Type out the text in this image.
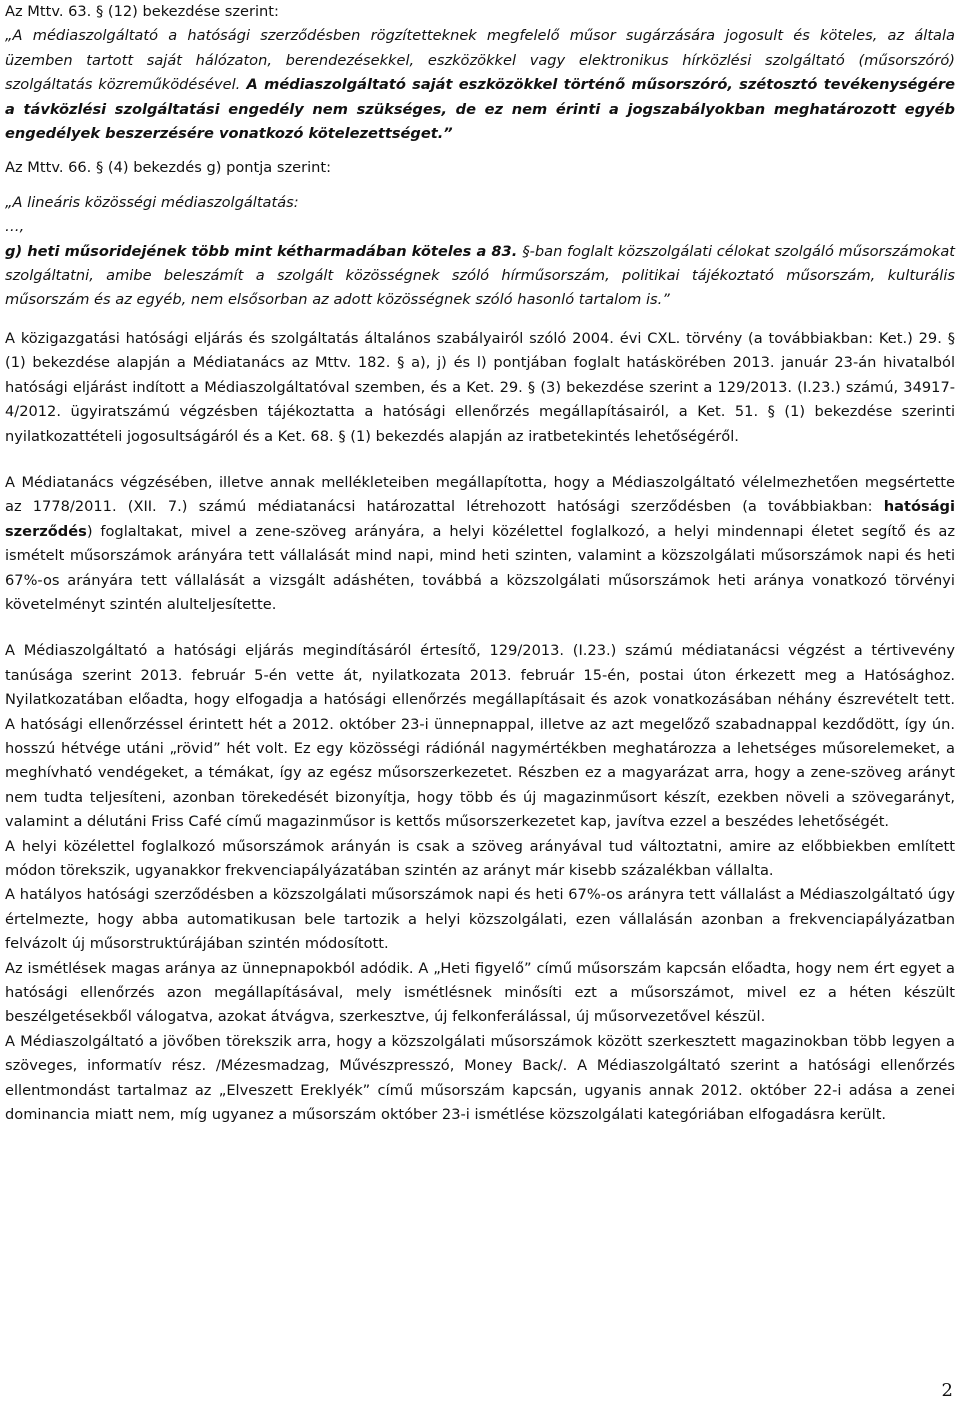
Az Mttv. 63. § (12) bekezdése szerint:

„A médiaszolgáltató a hatósági szerződésben rögzítetteknek megfelelő műsor sugárzására jogosult és köteles, az általa üzemben tartott saját hálózaton, berendezésekkel, eszközökkel vagy elektronikus hírközlési szolgáltató (műsorszóró) szolgáltatás közreműködésével. A médiaszolgáltató saját eszközökkel történő műsorszóró, szétosztó tevékenységére a távközlési szolgáltatási engedély nem szükséges, de ez nem érinti a jogszabályokban meghatározott egyéb engedélyek beszerzésére vonatkozó kötelezettséget.”

Az Mttv. 66. § (4) bekezdés g) pontja szerint:

„A lineáris közösségi médiaszolgáltatás:

…,

g) heti műsoridejének több mint kétharmadában köteles a 83. §-ban foglalt közszolgálati célokat szolgáló műsorszámokat szolgáltatni, amibe beleszámít a szolgált közösségnek szóló hírműsorszám, politikai tájékoztató műsorszám, kulturális műsorszám és az egyéb, nem elsősorban az adott közösségnek szóló hasonló tartalom is.”

A közigazgatási hatósági eljárás és szolgáltatás általános szabályairól szóló 2004. évi CXL. törvény (a továbbiakban: Ket.) 29. § (1) bekezdése alapján a Médiatanács az Mttv. 182. § a), j) és l) pontjában foglalt hatáskörében 2013. január 23-án hivatalból hatósági eljárást indított a Médiaszolgáltatóval szemben, és a Ket. 29. § (3) bekezdése szerint a 129/2013. (I.23.) számú, 34917-4/2012. ügyiratszámú végzésben tájékoztatta a hatósági ellenőrzés megállapításairól, a Ket. 51. § (1) bekezdése szerinti nyilatkozattételi jogosultságáról és a Ket. 68. § (1) bekezdés alapján az iratbetekintés lehetőségéről.

A Médiatanács végzésében, illetve annak mellékleteiben megállapította, hogy a Médiaszolgáltató vélelmezhetően megsértette az 1778/2011. (XII. 7.) számú médiatanácsi határozattal létrehozott hatósági szerződésben (a továbbiakban: hatósági szerződés) foglaltakat, mivel a zene-szöveg arányára, a helyi közélettel foglalkozó, a helyi mindennapi életet segítő és az ismételt műsorszámok arányára tett vállalását mind napi, mind heti szinten, valamint a közszolgálati műsorszámok napi és heti 67%-os arányára tett vállalását a vizsgált adáshéten, továbbá a közszolgálati műsorszámok heti aránya vonatkozó törvényi követelményt szintén alulteljesítette.

A Médiaszolgáltató a hatósági eljárás megindításáról értesítő, 129/2013. (I.23.) számú médiatanácsi végzést a tértivevény tanúsága szerint 2013. február 5-én vette át, nyilatkozata 2013. február 15-én, postai úton érkezett meg a Hatósághoz. Nyilatkozatában előadta, hogy elfogadja a hatósági ellenőrzés megállapításait és azok vonatkozásában néhány észrevételt tett. A hatósági ellenőrzéssel érintett hét a 2012. október 23-i ünnepnappal, illetve az azt megelőző szabadnappal kezdődött, így ún. hosszú hétvége utáni „rövid” hét volt. Ez egy közösségi rádiónál nagymértékben meghatározza a lehetséges műsorelemeket, a meghívható vendégeket, a témákat, így az egész műsorszerkezetet. Részben ez a magyarázat arra, hogy a zene-szöveg arányt nem tudta teljesíteni, azonban törekedését bizonyítja, hogy több és új magazinműsort készít, ezekben növeli a szövegarányt, valamint a délutáni Friss Café című magazinműsor is kettős műsorszerkezetet kap, javítva ezzel a beszédes lehetőségét.

A helyi közélettel foglalkozó műsorszámok arányán is csak a szöveg arányával tud változtatni, amire az előbbiekben említett módon törekszik, ugyanakkor frekvenciapályázatában szintén az arányt már kisebb százalékban vállalta.

A hatályos hatósági szerződésben a közszolgálati műsorszámok napi és heti 67%-os arányra tett vállalást a Médiaszolgáltató úgy értelmezte, hogy abba automatikusan bele tartozik a helyi közszolgálati, ezen vállalásán azonban a frekvenciapályázatban felvázolt új műsorstruktúrájában szintén módosított.

Az ismétlések magas aránya az ünnepnapokból adódik. A „Heti figyelő” című műsorszám kapcsán előadta, hogy nem ért egyet a hatósági ellenőrzés azon megállapításával, mely ismétlésnek minősíti ezt a műsorszámot, mivel ez a héten készült beszélgetésekből válogatva, azokat átvágva, szerkesztve, új felkonferálással, új műsorvezetővel készül.

A Médiaszolgáltató a jövőben törekszik arra, hogy a közszolgálati műsorszámok között szerkesztett magazinokban több legyen a szöveges, informatív rész. /Mézesmadzag, Művészpresszó, Money Back/. A Médiaszolgáltató szerint a hatósági ellenőrzés ellentmondást tartalmaz az „Elveszett Ereklyék” című műsorszám kapcsán, ugyanis annak 2012. október 22-i adása a zenei dominancia miatt nem, míg ugyanez a műsorszám október 23-i ismétlése közszolgálati kategóriában elfogadásra került.

2
